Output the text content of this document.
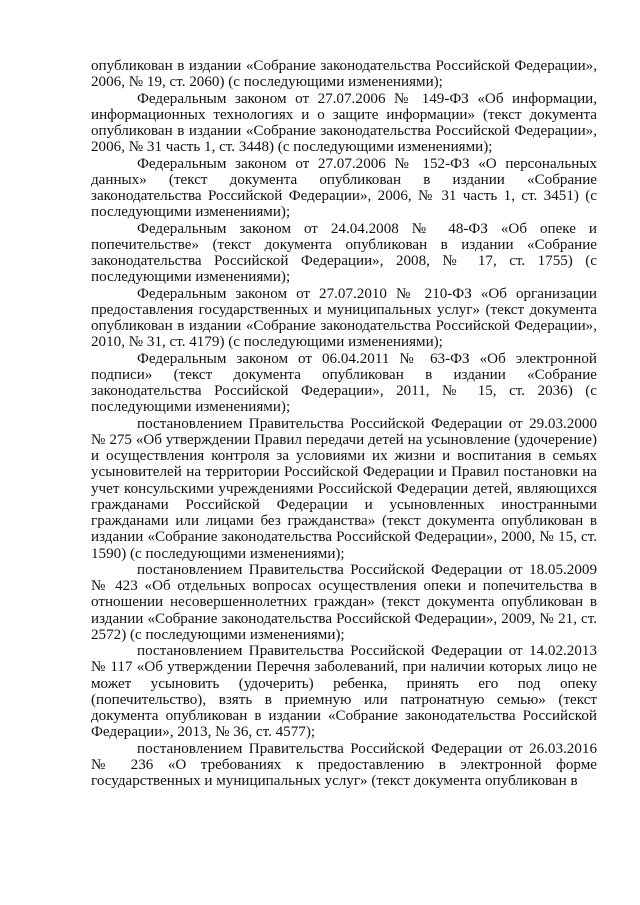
опубликован в издании «Собрание законодательства Российской Федерации», 2006, № 19, ст. 2060) (с последующими изменениями);

Федеральным законом от 27.07.2006 № 149-ФЗ «Об информации, информационных технологиях и о защите информации» (текст документа опубликован в издании «Собрание законодательства Российской Федерации», 2006, № 31 часть 1, ст. 3448) (с последующими изменениями);

Федеральным законом от 27.07.2006 № 152-ФЗ «О персональных данных» (текст документа опубликован в издании «Собрание законодательства Российской Федерации», 2006, № 31 часть 1, ст. 3451) (с последующими изменениями);

Федеральным законом от 24.04.2008 № 48-ФЗ «Об опеке и попечительстве» (текст документа опубликован в издании «Собрание законодательства Российской Федерации», 2008, № 17, ст. 1755) (с последующими изменениями);

Федеральным законом от 27.07.2010 № 210-ФЗ «Об организации предоставления государственных и муниципальных услуг» (текст документа опубликован в издании «Собрание законодательства Российской Федерации», 2010, № 31, ст. 4179) (с последующими изменениями);

Федеральным законом от 06.04.2011 № 63-ФЗ «Об электронной подписи» (текст документа опубликован в издании «Собрание законодательства Российской Федерации», 2011, № 15, ст. 2036) (с последующими изменениями);

постановлением Правительства Российской Федерации от 29.03.2000 № 275 «Об утверждении Правил передачи детей на усыновление (удочерение) и осуществления контроля за условиями их жизни и воспитания в семьях усыновителей на территории Российской Федерации и Правил постановки на учет консульскими учреждениями Российской Федерации детей, являющихся гражданами Российской Федерации и усыновленных иностранными гражданами или лицами без гражданства» (текст документа опубликован в издании «Собрание законодательства Российской Федерации», 2000, № 15, ст. 1590) (с последующими изменениями);

постановлением Правительства Российской Федерации от 18.05.2009 № 423 «Об отдельных вопросах осуществления опеки и попечительства в отношении несовершеннолетних граждан» (текст документа опубликован в издании «Собрание законодательства Российской Федерации», 2009, № 21, ст. 2572) (с последующими изменениями);

постановлением Правительства Российской Федерации от 14.02.2013 № 117 «Об утверждении Перечня заболеваний, при наличии которых лицо не может усыновить (удочерить) ребенка, принять его под опеку (попечительство), взять в приемную или патронатную семью» (текст документа опубликован в издании «Собрание законодательства Российской Федерации», 2013, № 36, ст. 4577);

постановлением Правительства Российской Федерации от 26.03.2016 № 236 «О требованиях к предоставлению в электронной форме государственных и муниципальных услуг» (текст документа опубликован в
